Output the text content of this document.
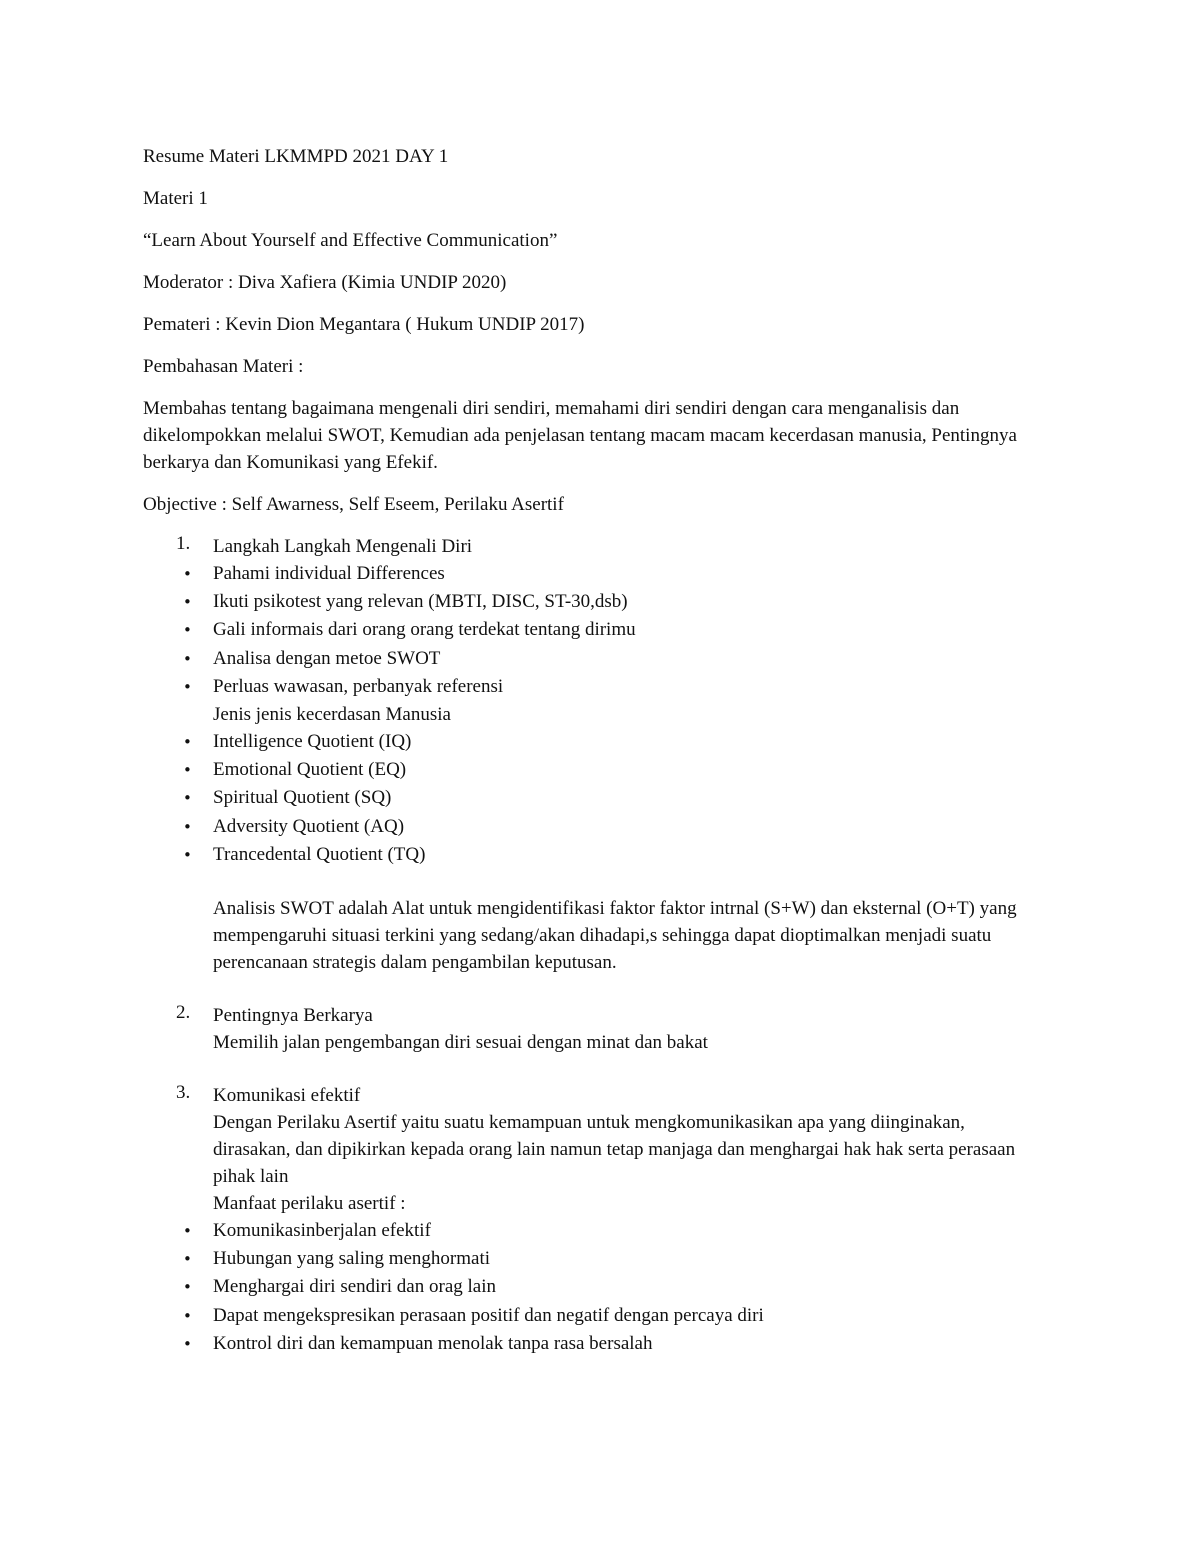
Resume Materi LKMMPD 2021 DAY 1

Materi 1

“Learn About Yourself and Effective Communication”

Moderator : Diva Xafiera (Kimia UNDIP 2020)

Pemateri : Kevin Dion Megantara ( Hukum UNDIP 2017)

Pembahasan Materi :

Membahas tentang bagaimana mengenali diri sendiri, memahami diri sendiri dengan cara menganalisis dan dikelompokkan melalui SWOT, Kemudian ada penjelasan tentang macam macam kecerdasan manusia, Pentingnya berkarya dan Komunikasi yang Efekif.

Objective : Self Awarness, Self Eseem, Perilaku Asertif

1. Langkah Langkah Mengenali Diri
• Pahami individual Differences
• Ikuti psikotest yang relevan (MBTI, DISC, ST-30,dsb)
• Gali informais dari orang orang terdekat tentang dirimu
• Analisa dengan metoe SWOT
• Perluas wawasan, perbanyak referensi
Jenis jenis kecerdasan Manusia
• Intelligence Quotient (IQ)
• Emotional Quotient (EQ)
• Spiritual Quotient (SQ)
• Adversity Quotient (AQ)
• Trancedental Quotient (TQ)
Analisis SWOT adalah Alat untuk mengidentifikasi faktor faktor intrnal (S+W) dan eksternal (O+T) yang mempengaruhi situasi terkini yang sedang/akan dihadapi,s sehingga dapat dioptimalkan menjadi suatu perencanaan strategis dalam pengambilan keputusan.
2. Pentingnya Berkarya
Memilih jalan pengembangan diri sesuai dengan minat dan bakat
3. Komunikasi efektif
Dengan Perilaku Asertif yaitu suatu kemampuan untuk mengkomunikasikan apa yang diinginakan, dirasakan, dan dipikirkan kepada orang lain namun tetap manjaga dan menghargai hak hak serta perasaan pihak lain
Manfaat perilaku asertif :
• Komunikasinberjalan efektif
• Hubungan yang saling menghormati
• Menghargai diri sendiri dan orag lain
• Dapat mengekspresikan perasaan positif dan negatif dengan percaya diri
• Kontrol diri dan kemampuan menolak tanpa rasa bersalah
